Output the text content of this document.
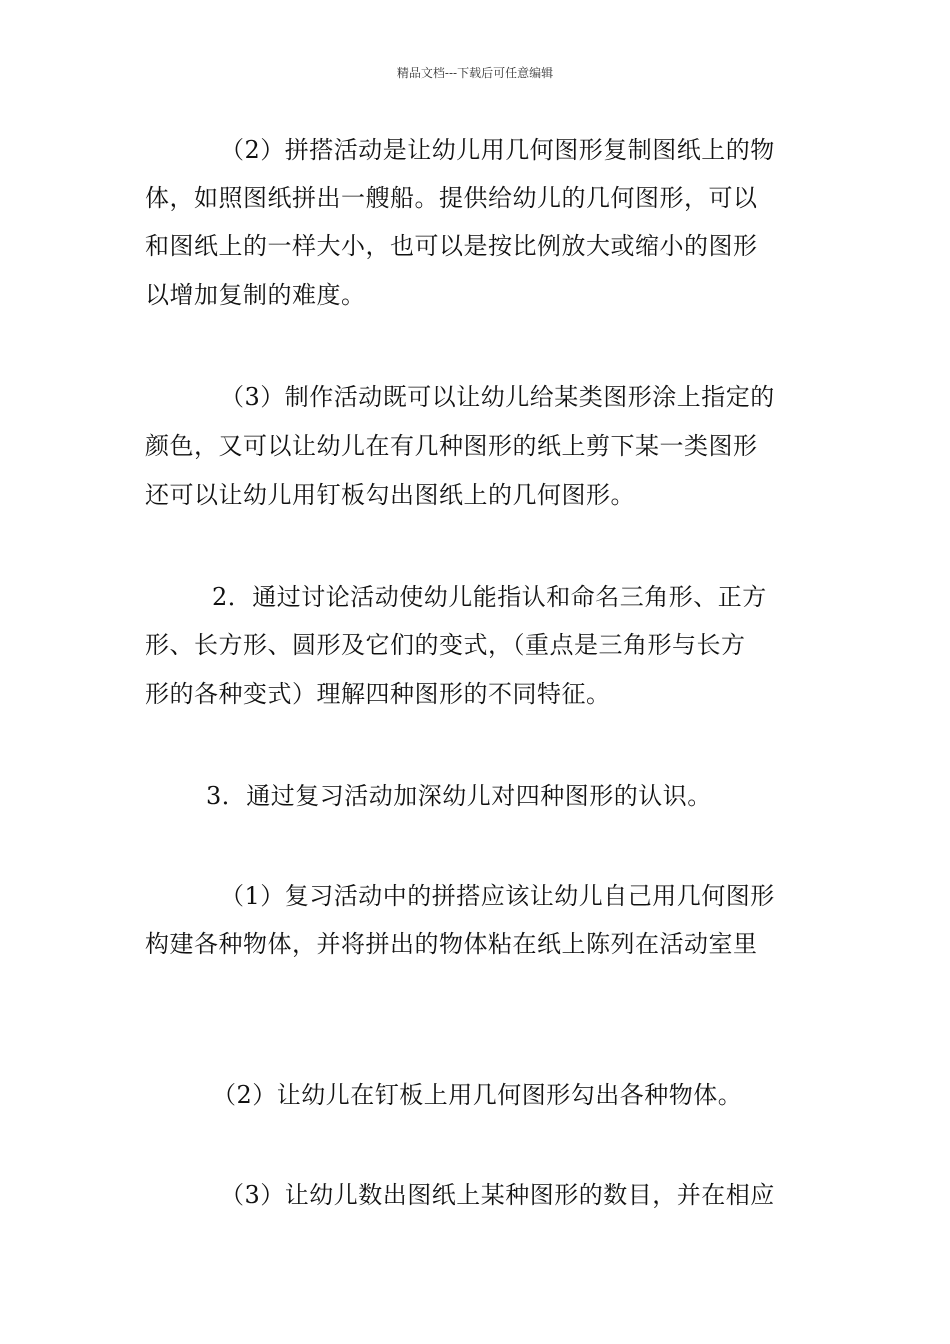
精品文档---下载后可任意编辑
（2）拼搭活动是让幼儿用几何图形复制图纸上的物
体，如照图纸拼出一艘船。提供给幼儿的几何图形，可以
和图纸上的一样大小，也可以是按比例放大或缩小的图形
以增加复制的难度。
（3）制作活动既可以让幼儿给某类图形涂上指定的
颜色，又可以让幼儿在有几种图形的纸上剪下某一类图形
还可以让幼儿用钉板勾出图纸上的几何图形。
2．通过讨论活动使幼儿能指认和命名三角形、正方
形、长方形、圆形及它们的变式，（重点是三角形与长方
形的各种变式）理解四种图形的不同特征。
3．通过复习活动加深幼儿对四种图形的认识。
（1）复习活动中的拼搭应该让幼儿自己用几何图形
构建各种物体，并将拼出的物体粘在纸上陈列在活动室里
（2）让幼儿在钉板上用几何图形勾出各种物体。
（3）让幼儿数出图纸上某种图形的数目，并在相应
